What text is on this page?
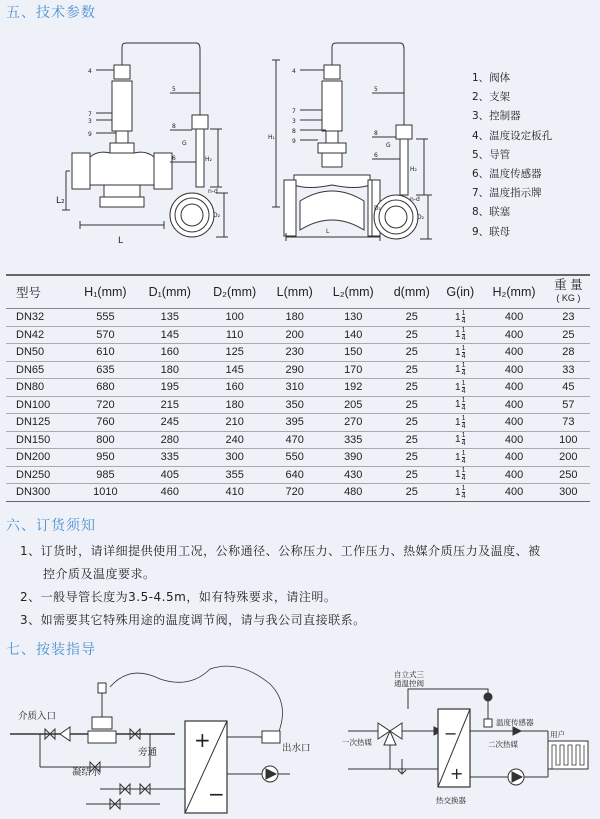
五、技术参数
4
7
3
9
5
8
6
G
H₂
n-d
D₂
L₂
L
4
7
3
8
9
5
8
6
H₁
G
H₂
n-d
D₁
D₂
L
1、阀体
2、支架
3、控制器
4、温度设定板孔
5、导管
6、温度传感器
7、温度指示牌
8、联塞
9、联母
型号	H₁(mm)	D₁(mm)	D₂(mm)	L(mm)	L₂(mm)	d(mm)	G(in)	H₂(mm)	重 量
( KG )

DN32	555	135	100	180	130	25	$1 \frac{1}{4}$	400	23
DN42	570	145	110	200	140	25	$1 \frac{1}{4}$	400	25
DN50	610	160	125	230	150	25	$1 \frac{1}{4}$	400	28
DN65	635	180	145	290	170	25	$1 \frac{1}{4}$	400	33
DN80	680	195	160	310	192	25	$1 \frac{1}{4}$	400	45
DN100	720	215	180	350	205	25	$1 \frac{1}{4}$	400	57
DN125	760	245	210	395	270	25	$1 \frac{1}{4}$	400	73
DN150	800	280	240	470	335	25	$1 \frac{1}{4}$	400	100
DN200	950	335	300	550	390	25	$1 \frac{1}{4}$	400	200
DN250	985	405	355	640	430	25	$1 \frac{1}{4}$	400	250
DN300	1010	460	410	720	480	25	$1 \frac{1}{4}$	400	300
六、订货须知

1、订货时，请详细提供使用工况，公称通径、公称压力、工作压力、热媒介质压力及温度、被

控介质及温度要求。

2、一般导管长度为3.5-4.5m，如有特殊要求，请注明。

3、如需要其它特殊用途的温度调节阀，请与我公司直接联系。

七、按装指导
介质入口
旁通	出水口
凝结水
+
−
自立式三
通温控阀
温度传感器
一次热媒	二次热媒
用户
热交换器
−
+
